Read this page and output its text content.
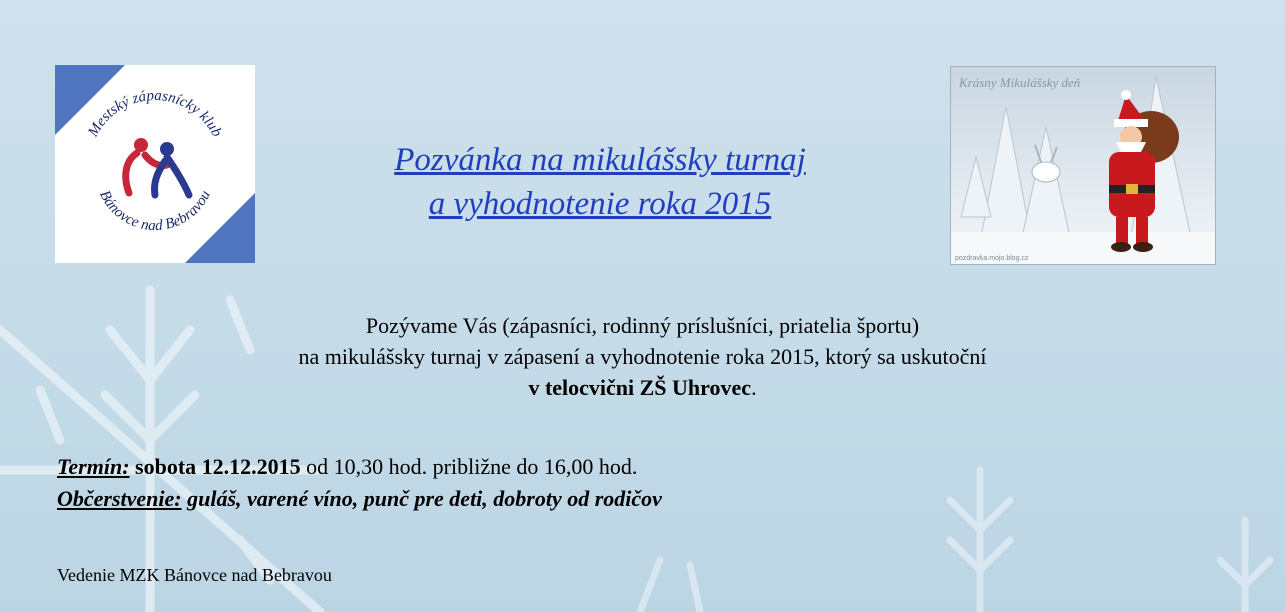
Mestský zápasnícky klub
Bánovce nad Bebravou
Pozvánka na mikulášsky turnaj
a vyhodnotenie roka 2015
Krásny Mikulášsky deň
pozdravka.mojo.blog.cz
Pozývame Vás (zápasníci, rodinný príslušníci, priatelia športu)
na mikulášsky turnaj v zápasení a vyhodnotenie roka 2015, ktorý sa uskutoční
v telocvični ZŠ Uhrovec.
Termín: sobota 12.12.2015 od 10,30 hod. približne do 16,00 hod.
Občerstvenie: guláš, varené víno, punč pre deti, dobroty od rodičov
Vedenie MZK Bánovce nad Bebravou
